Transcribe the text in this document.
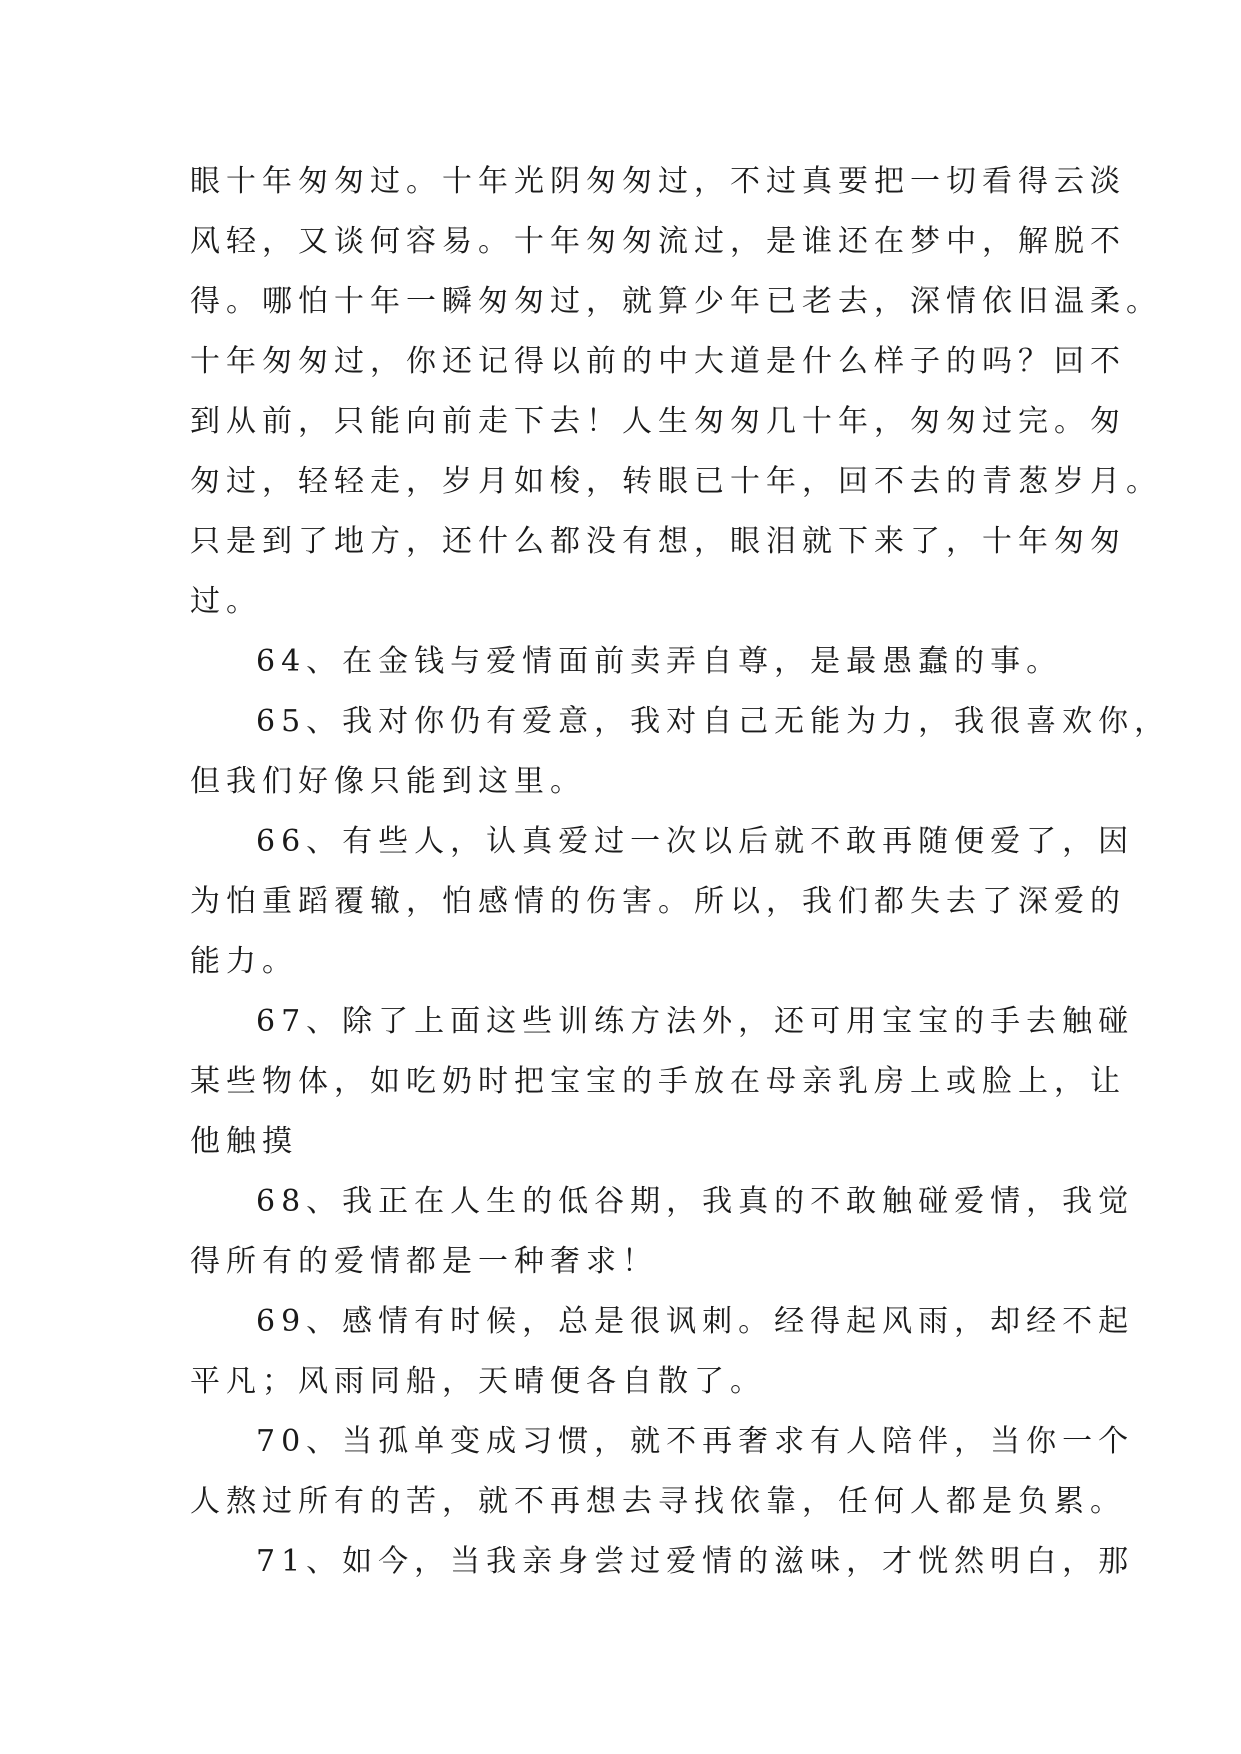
眼十年匆匆过。十年光阴匆匆过，不过真要把一切看得云淡
风轻，又谈何容易。十年匆匆流过，是谁还在梦中，解脱不
得。哪怕十年一瞬匆匆过，就算少年已老去，深情依旧温柔。
十年匆匆过，你还记得以前的中大道是什么样子的吗？回不
到从前，只能向前走下去！人生匆匆几十年，匆匆过完。匆
匆过，轻轻走，岁月如梭，转眼已十年，回不去的青葱岁月。
只是到了地方，还什么都没有想，眼泪就下来了，十年匆匆
过。
64、在金钱与爱情面前卖弄自尊，是最愚蠢的事。
65、我对你仍有爱意，我对自己无能为力，我很喜欢你，
但我们好像只能到这里。
66、有些人，认真爱过一次以后就不敢再随便爱了，因
为怕重蹈覆辙，怕感情的伤害。所以，我们都失去了深爱的
能力。
67、除了上面这些训练方法外，还可用宝宝的手去触碰
某些物体，如吃奶时把宝宝的手放在母亲乳房上或脸上，让
他触摸
68、我正在人生的低谷期，我真的不敢触碰爱情，我觉
得所有的爱情都是一种奢求！
69、感情有时候，总是很讽刺。经得起风雨，却经不起
平凡；风雨同船，天晴便各自散了。
70、当孤单变成习惯，就不再奢求有人陪伴，当你一个
人熬过所有的苦，就不再想去寻找依靠，任何人都是负累。
71、如今，当我亲身尝过爱情的滋味，才恍然明白，那
